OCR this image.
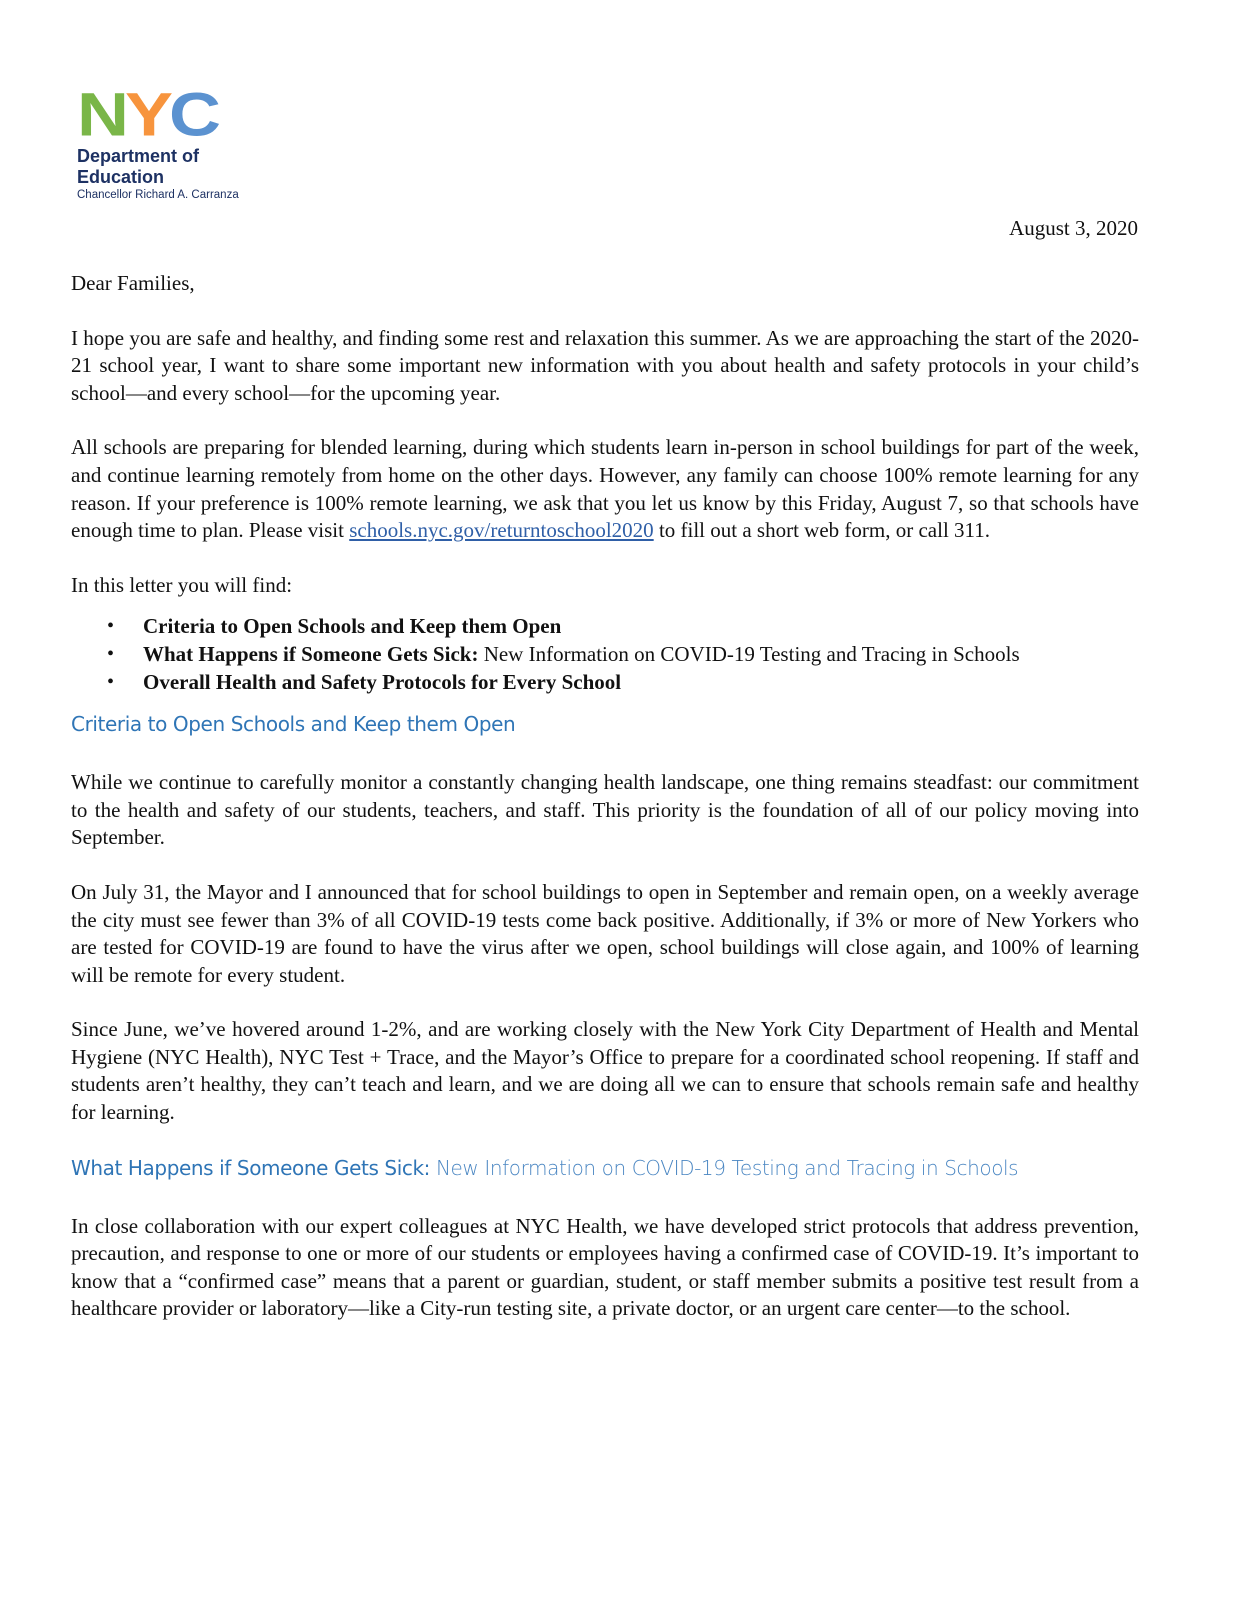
N Y C
Department of
Education
Chancellor Richard A. Carranza
August 3, 2020

Dear Families,

I hope you are safe and healthy, and finding some rest and relaxation this summer. As we are approaching the start of the 2020-21 school year, I want to share some important new information with you about health and safety protocols in your child’s school—and every school—for the upcoming year.

All schools are preparing for blended learning, during which students learn in-person in school buildings for part of the week, and continue learning remotely from home on the other days. However, any family can choose 100% remote learning for any reason. If your preference is 100% remote learning, we ask that you let us know by this Friday, August 7, so that schools have enough time to plan. Please visit schools.nyc.gov/returntoschool2020 to fill out a short web form, or call 311.

In this letter you will find:

• Criteria to Open Schools and Keep them Open
• What Happens if Someone Gets Sick: New Information on COVID-19 Testing and Tracing in Schools
• Overall Health and Safety Protocols for Every School
Criteria to Open Schools and Keep them Open

While we continue to carefully monitor a constantly changing health landscape, one thing remains steadfast: our commitment to the health and safety of our students, teachers, and staff. This priority is the foundation of all of our policy moving into September.

On July 31, the Mayor and I announced that for school buildings to open in September and remain open, on a weekly average the city must see fewer than 3% of all COVID-19 tests come back positive. Additionally, if 3% or more of New Yorkers who are tested for COVID-19 are found to have the virus after we open, school buildings will close again, and 100% of learning will be remote for every student.

Since June, we’ve hovered around 1-2%, and are working closely with the New York City Department of Health and Mental Hygiene (NYC Health), NYC Test + Trace, and the Mayor’s Office to prepare for a coordinated school reopening. If staff and students aren’t healthy, they can’t teach and learn, and we are doing all we can to ensure that schools remain safe and healthy for learning.

What Happens if Someone Gets Sick: New Information on COVID-19 Testing and Tracing in Schools

In close collaboration with our expert colleagues at NYC Health, we have developed strict protocols that address prevention, precaution, and response to one or more of our students or employees having a confirmed case of COVID-19. It’s important to know that a “confirmed case” means that a parent or guardian, student, or staff member submits a positive test result from a healthcare provider or laboratory—like a City-run testing site, a private doctor, or an urgent care center—to the school.
